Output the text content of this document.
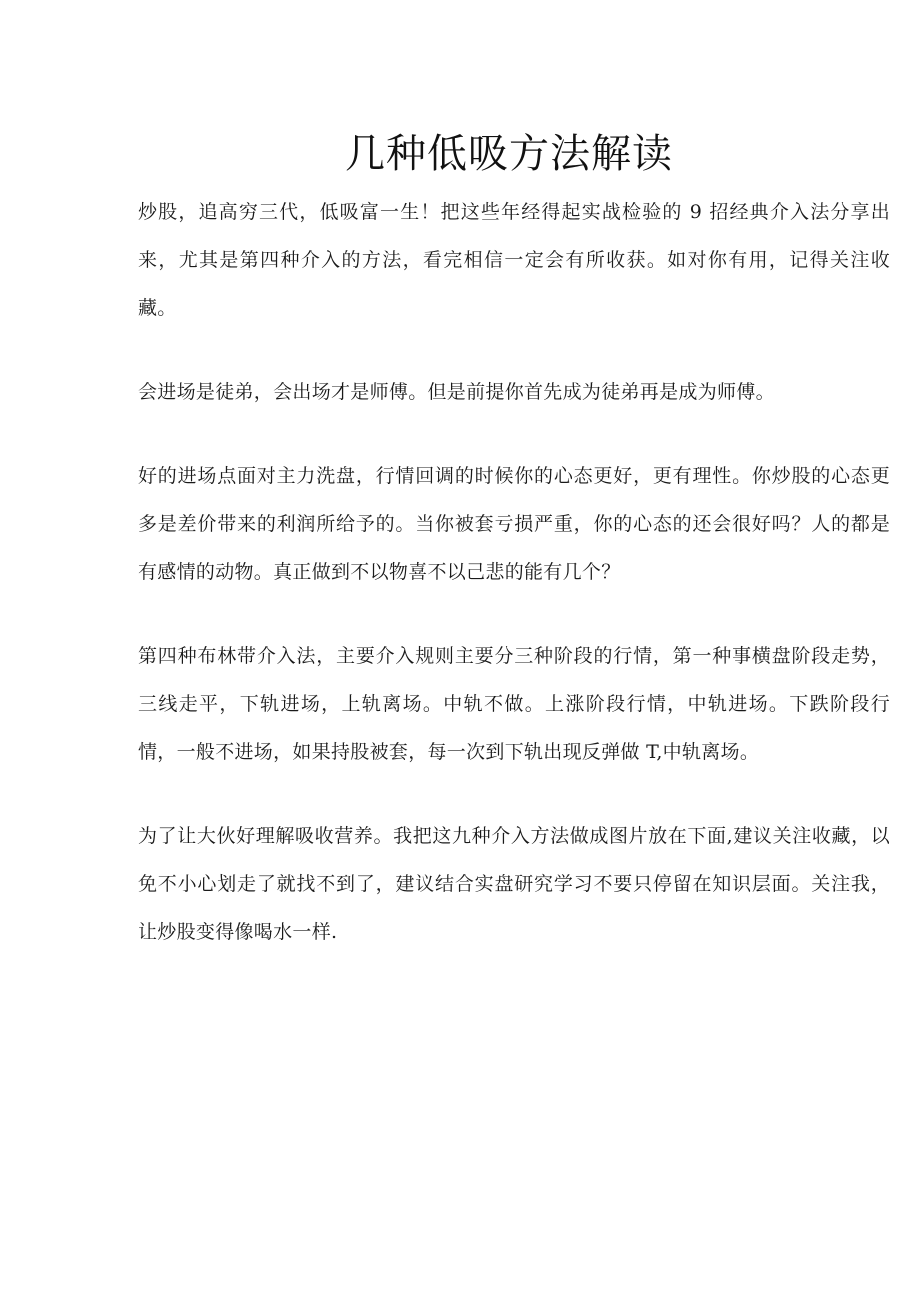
几种低吸方法解读

炒股，追高穷三代，低吸富一生！把这些年经得起实战检验的 9 招经典介入法分享出来，尤其是第四种介入的方法，看完相信一定会有所收获。如对你有用，记得关注收藏。

会进场是徒弟，会出场才是师傅。但是前提你首先成为徒弟再是成为师傅。

好的进场点面对主力洗盘，行情回调的时候你的心态更好，更有理性。你炒股的心态更多是差价带来的利润所给予的。当你被套亏损严重，你的心态的还会很好吗？人的都是有感情的动物。真正做到不以物喜不以己悲的能有几个？

第四种布林带介入法，主要介入规则主要分三种阶段的行情，第一种事横盘阶段走势，三线走平，下轨进场，上轨离场。中轨不做。上涨阶段行情，中轨进场。下跌阶段行情，一般不进场，如果持股被套，每一次到下轨出现反弹做 T,中轨离场。

为了让大伙好理解吸收营养。我把这九种介入方法做成图片放在下面,建议关注收藏，以免不小心划走了就找不到了，建议结合实盘研究学习不要只停留在知识层面。关注我，让炒股变得像喝水一样.
